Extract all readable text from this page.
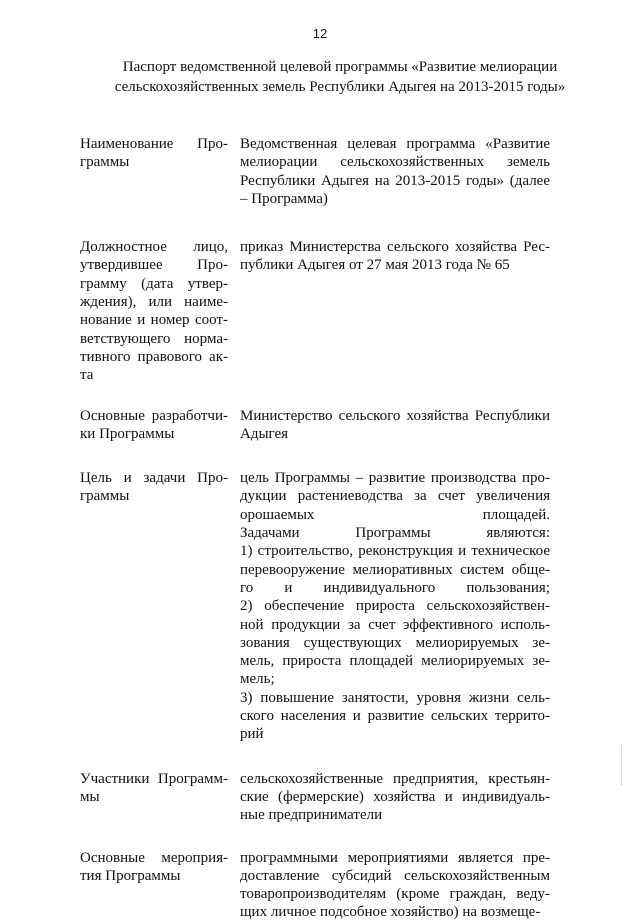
12
Паспорт ведомственной целевой программы «Развитие мелиорации
сельскохозяйственных земель Республики Адыгея на 2013-2015 годы»
Наименование Про-
граммы
Ведомственная целевая программа «Развитие
мелиорации сельскохозяйственных земель
Республики Адыгея на 2013-2015 годы» (далее
– Программа)
Должностное лицо,
утвердившее Про-
грамму (дата утвер-
ждения), или наиме-
нование и номер соот-
ветствующего норма-
тивного правового ак-
та
приказ Министерства сельского хозяйства Рес-
публики Адыгея от 27 мая 2013 года № 65
Основные разработчи-
ки Программы
Министерство сельского хозяйства Республики
Адыгея
Цель и задачи Про-
граммы
цель Программы – развитие производства про-
дукции растениеводства за счет увеличения
орошаемых площадей.
Задачами Программы являются:
1) строительство, реконструкция и техническое
перевооружение мелиоративных систем обще-
го и индивидуального пользования;
2) обеспечение прироста сельскохозяйствен-
ной продукции за счет эффективного исполь-
зования существующих мелиорируемых зе-
мель, прироста площадей мелиорируемых зе-
мель;
3) повышение занятости, уровня жизни сель-
ского населения и развитие сельских террито-
рий
Участники Программ-
мы
сельскохозяйственные предприятия, крестьян-
ские (фермерские) хозяйства и индивидуаль-
ные предприниматели
Основные мероприя-
тия Программы
программными мероприятиями является пре-
доставление субсидий сельскохозяйственным
товаропроизводителям (кроме граждан, веду-
щих личное подсобное хозяйство) на возмеще-
